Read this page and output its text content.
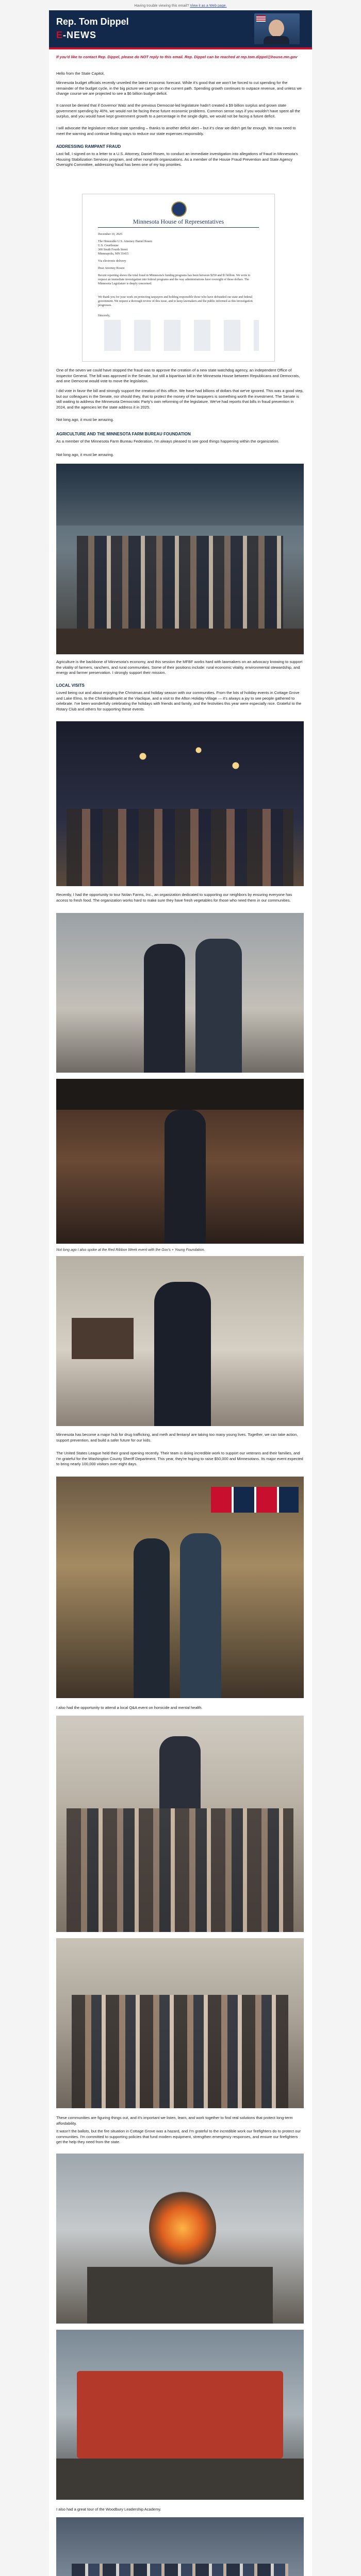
Having trouble viewing this email? View it as a Web page.
Rep. Tom Dippel
E-NEWS
If you'd like to contact Rep. Dippel, please do NOT reply to this email. Rep. Dippel can be reached at rep.tom.dippel@house.mn.gov

Hello from the State Capitol,

Minnesota budget officials recently unveiled the latest economic forecast. While it's good that we won't be forced to cut spending for the remainder of the budget cycle, in the big picture we can't go on the current path. Spending growth continues to outpace revenue, and unless we change course we are projected to see a $6 billion budget deficit.

It cannot be denied that if Governor Walz and the previous Democrat-led legislature hadn't created a $9 billion surplus and grown state government spending by 40%, we would not be facing these future economic problems. Common sense says if you wouldn't have spent all the surplus, and you would have kept government growth to a percentage in the single digits, we would not be facing a future deficit.

I will advocate the legislature reduce state spending – thanks to another deficit alert – but it's clear we didn't get far enough. We now need to meet the warning and continue finding ways to reduce our state expenses responsibly.

ADDRESSING RAMPANT FRAUD

Last fall, I signed on to a letter to a U.S. Attorney, Daniel Rosen, to conduct an immediate investigation into allegations of fraud in Minnesota's Housing Stabilization Services program, and other nonprofit organizations. As a member of the House Fraud Prevention and State Agency Oversight Committee, addressing fraud has been one of my top priorities.

Minnesota House of Representatives
December 10, 2025
The Honorable U.S. Attorney Daniel Rosen
U.S. Courthouse
300 South Fourth Street
Minneapolis, MN 55415
Via electronic delivery
Dear Attorney Rosen:
Recent reporting shows the total fraud in Minnesota's funding programs has been between $250 and $1 billion. We write to request an immediate investigation into federal programs and the way administrations have oversight of these dollars. The Minnesota Legislature is deeply concerned.
We thank you for your work on protecting taxpayers and holding responsible those who have defrauded our state and federal government. We request a thorough review of this issue, and to keep lawmakers and the public informed as this investigation progresses.
Sincerely,

One of the seven we could have stopped the fraud was to approve the creation of a new state watchdog agency, an independent Office of Inspector General. The bill was approved in the Senate, but still a bipartisan bill in the Minnesota House between Republicans and Democrats, and one Democrat would vote to move the legislation.

I did vote in favor the bill and strongly support the creation of this office. We have had billions of dollars that we've ignored. This was a good step, but our colleagues in the Senate, nor should they, that to protect the money of the taxpayers is something worth the investment. The Senate is still waiting to address the Minnesota Democratic Party's own reforming of the legislature. We've had reports that bills in fraud prevention in 2024, and the agencies let the state address it in 2025.

Not long ago, it must be amazing.

AGRICULTURE AND THE MINNESOTA FARM BUREAU FOUNDATION

As a member of the Minnesota Farm Bureau Federation, I'm always pleased to see good things happening within the organization.

Not long ago, it must be amazing.

Agriculture is the backbone of Minnesota's economy, and this session the MFBF works hard with lawmakers on an advocacy knowing to support the vitality of farmers, ranchers, and rural communities. Some of their positions include: rural economic vitality, environmental stewardship, and energy and farmer preservation. I strongly support their mission.

LOCAL VISITS

Loved being out and about enjoying the Christmas and holiday season with our communities. From the lots of holiday events in Cottage Grove and Lake Elmo, to the Christkindlmarkt at the Viaclique, and a visit to the Afton Holiday Village — it's always a joy to see people gathered to celebrate. I've been wonderfully celebrating the holidays with friends and family, and the festivities this year were especially nice. Grateful to the Rotary Club and others for supporting these events.

Recently, I had the opportunity to tour Nolan Farms, Inc., an organization dedicated to supporting our neighbors by ensuring everyone has access to fresh food. The organization works hard to make sure they have fresh vegetables for those who need them in our communities.

Not long ago I also spoke at the Red Ribbon Week event with the Gov's + Young Foundation.

Minnesota has become a major hub for drug trafficking, and meth and fentanyl are taking too many young lives. Together, we can take action, support prevention, and build a safer future for our kids.

The United States League held their grand opening recently. Their team is doing incredible work to support our veterans and their families, and I'm grateful for the Washington County Sheriff Department. This year, they're hoping to raise $50,000 and Minnesotans. Its major event expected to bring nearly 100,000 visitors over eight days.

I also had the opportunity to attend a local Q&A event on homicide and mental health.

These communities are figuring things out, and it's important we listen, learn, and work together to find real solutions that protect long-term affordability.

It wasn't the ballots, but the fire situation in Cottage Grove was a hazard, and I'm grateful to the incredible work our firefighters do to protect our communities. I'm committed to supporting policies that fund modern equipment, strengthen emergency responses, and ensure our firefighters get the help they need from the state.

I also had a great tour of the Woodbury Leadership Academy.
